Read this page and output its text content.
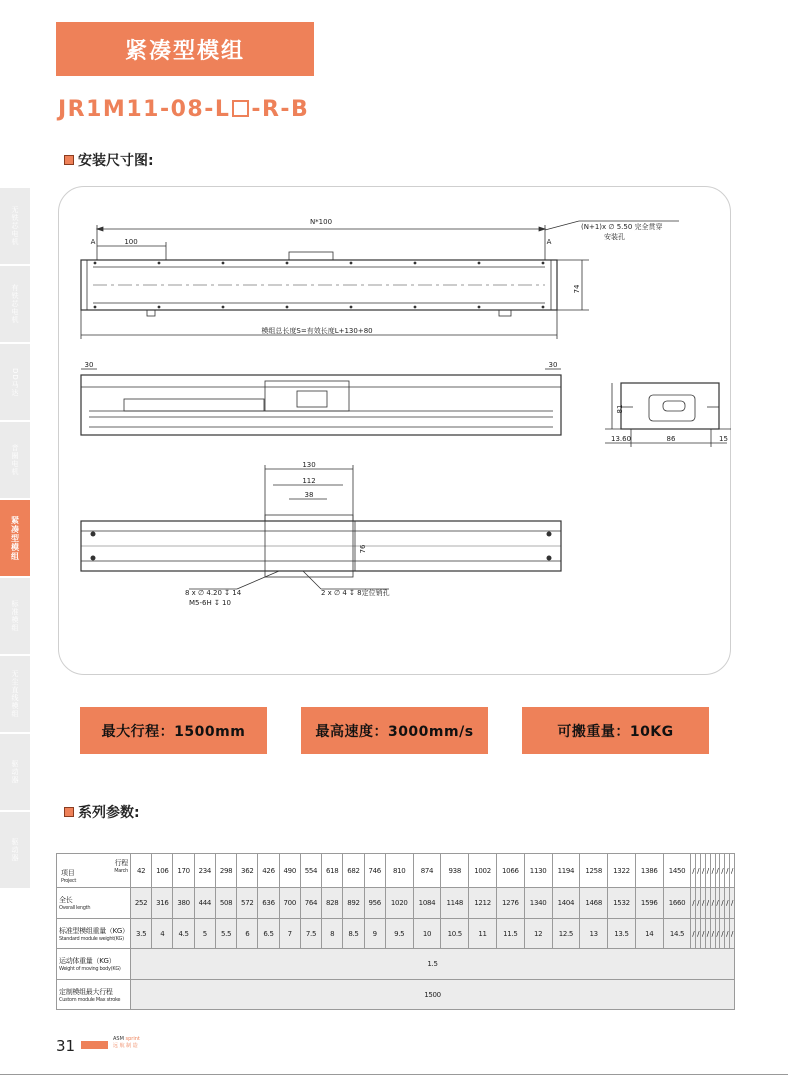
紧凑型模组
JR1M11-08-L -R-B
安装尺寸图:
无铁芯电机
有铁芯电机
DD马达
音圈电机
紧凑型模组
标准模组
无尘直线模组
驱动器
驱动器
N*100
A	A
100
(N+1)x ∅ 5.50 完全贯穿
安装孔
74
模组总长度S=有效长度L+130+80
30	30
81
13.60	86	15
130
112
38
76
8 x ∅ 4.20 ↧ 14
M5-6H ↧ 10
2 x ∅ 4 ↧ 8定位销孔
最大行程：1500mm	最高速度：3000mm/s	可搬重量：10KG
系列参数:
行程
March
项目
Project	42	106	170	234	298	362	426	490	554	618	682	746	810	874	938	1002	1066	1130	1194	1258	1322	1386	1450	/	/	/	/	/	/	/	/	/

全长
Overall length	252	316	380	444	508	572	636	700	764	828	892	956	1020	1084	1148	1212	1276	1340	1404	1468	1532	1596	1660	/	/	/	/	/	/	/	/	/

标准型模组重量（KG）
Standard module weight(KG)	3.5	4	4.5	5	5.5	6	6.5	7	7.5	8	8.5	9	9.5	10	10.5	11	11.5	12	12.5	13	13.5	14	14.5	/	/	/	/	/	/	/	/	/

运动体重量（KG）
Weight of moving body(KG)	1.5																															

定制模组最大行程
Custom module Max stroke	1500																															
31	ASM sprint
远 航 制 造
